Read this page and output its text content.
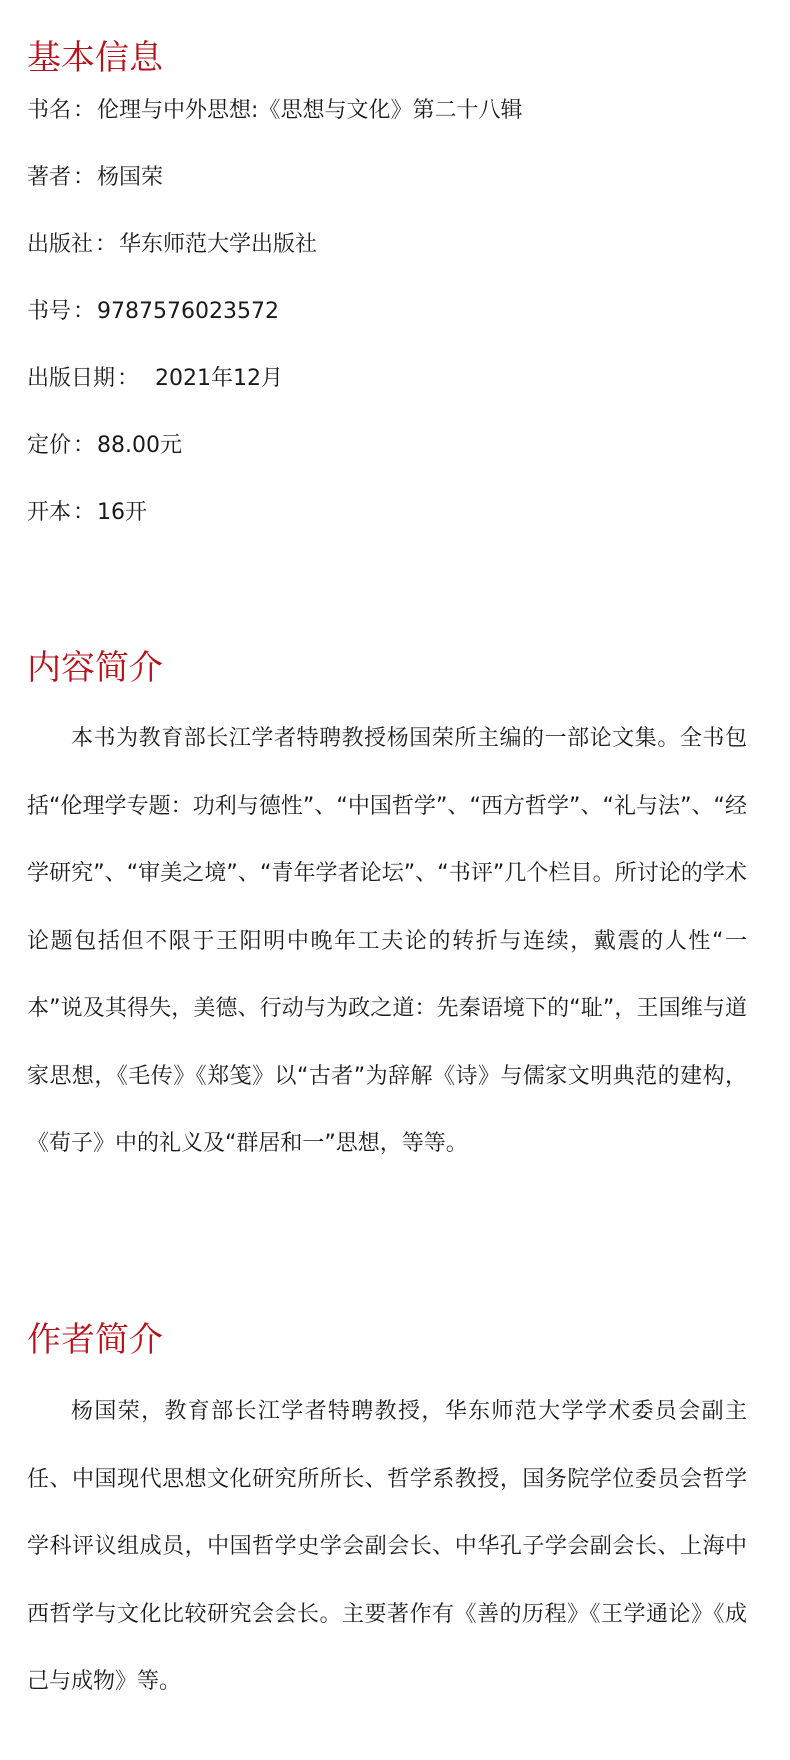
基本信息
书名：伦理与中外思想:《思想与文化》第二十八辑
著者：杨国荣
出版社：华东师范大学出版社
书号：9787576023572
出版日期：  2021年12月
定价：88.00元
开本：16开
内容简介

本书为教育部长江学者特聘教授杨国荣所主编的一部论文集。全书包括“伦理学专题：功利与德性”、“中国哲学”、“西方哲学”、“礼与法”、“经学研究”、“审美之境”、“青年学者论坛”、“书评”几个栏目。所讨论的学术论题包括但不限于王阳明中晚年工夫论的转折与连续，戴震的人性“一本”说及其得失，美德、行动与为政之道：先秦语境下的“耻”，王国维与道家思想，《毛传》《郑笺》以“古者”为辞解《诗》与儒家文明典范的建构，《荀子》中的礼义及“群居和一”思想，等等。

作者简介

杨国荣，教育部长江学者特聘教授，华东师范大学学术委员会副主任、中国现代思想文化研究所所长、哲学系教授，国务院学位委员会哲学学科评议组成员，中国哲学史学会副会长、中华孔子学会副会长、上海中西哲学与文化比较研究会会长。主要著作有《善的历程》《王学通论》《成己与成物》等。
